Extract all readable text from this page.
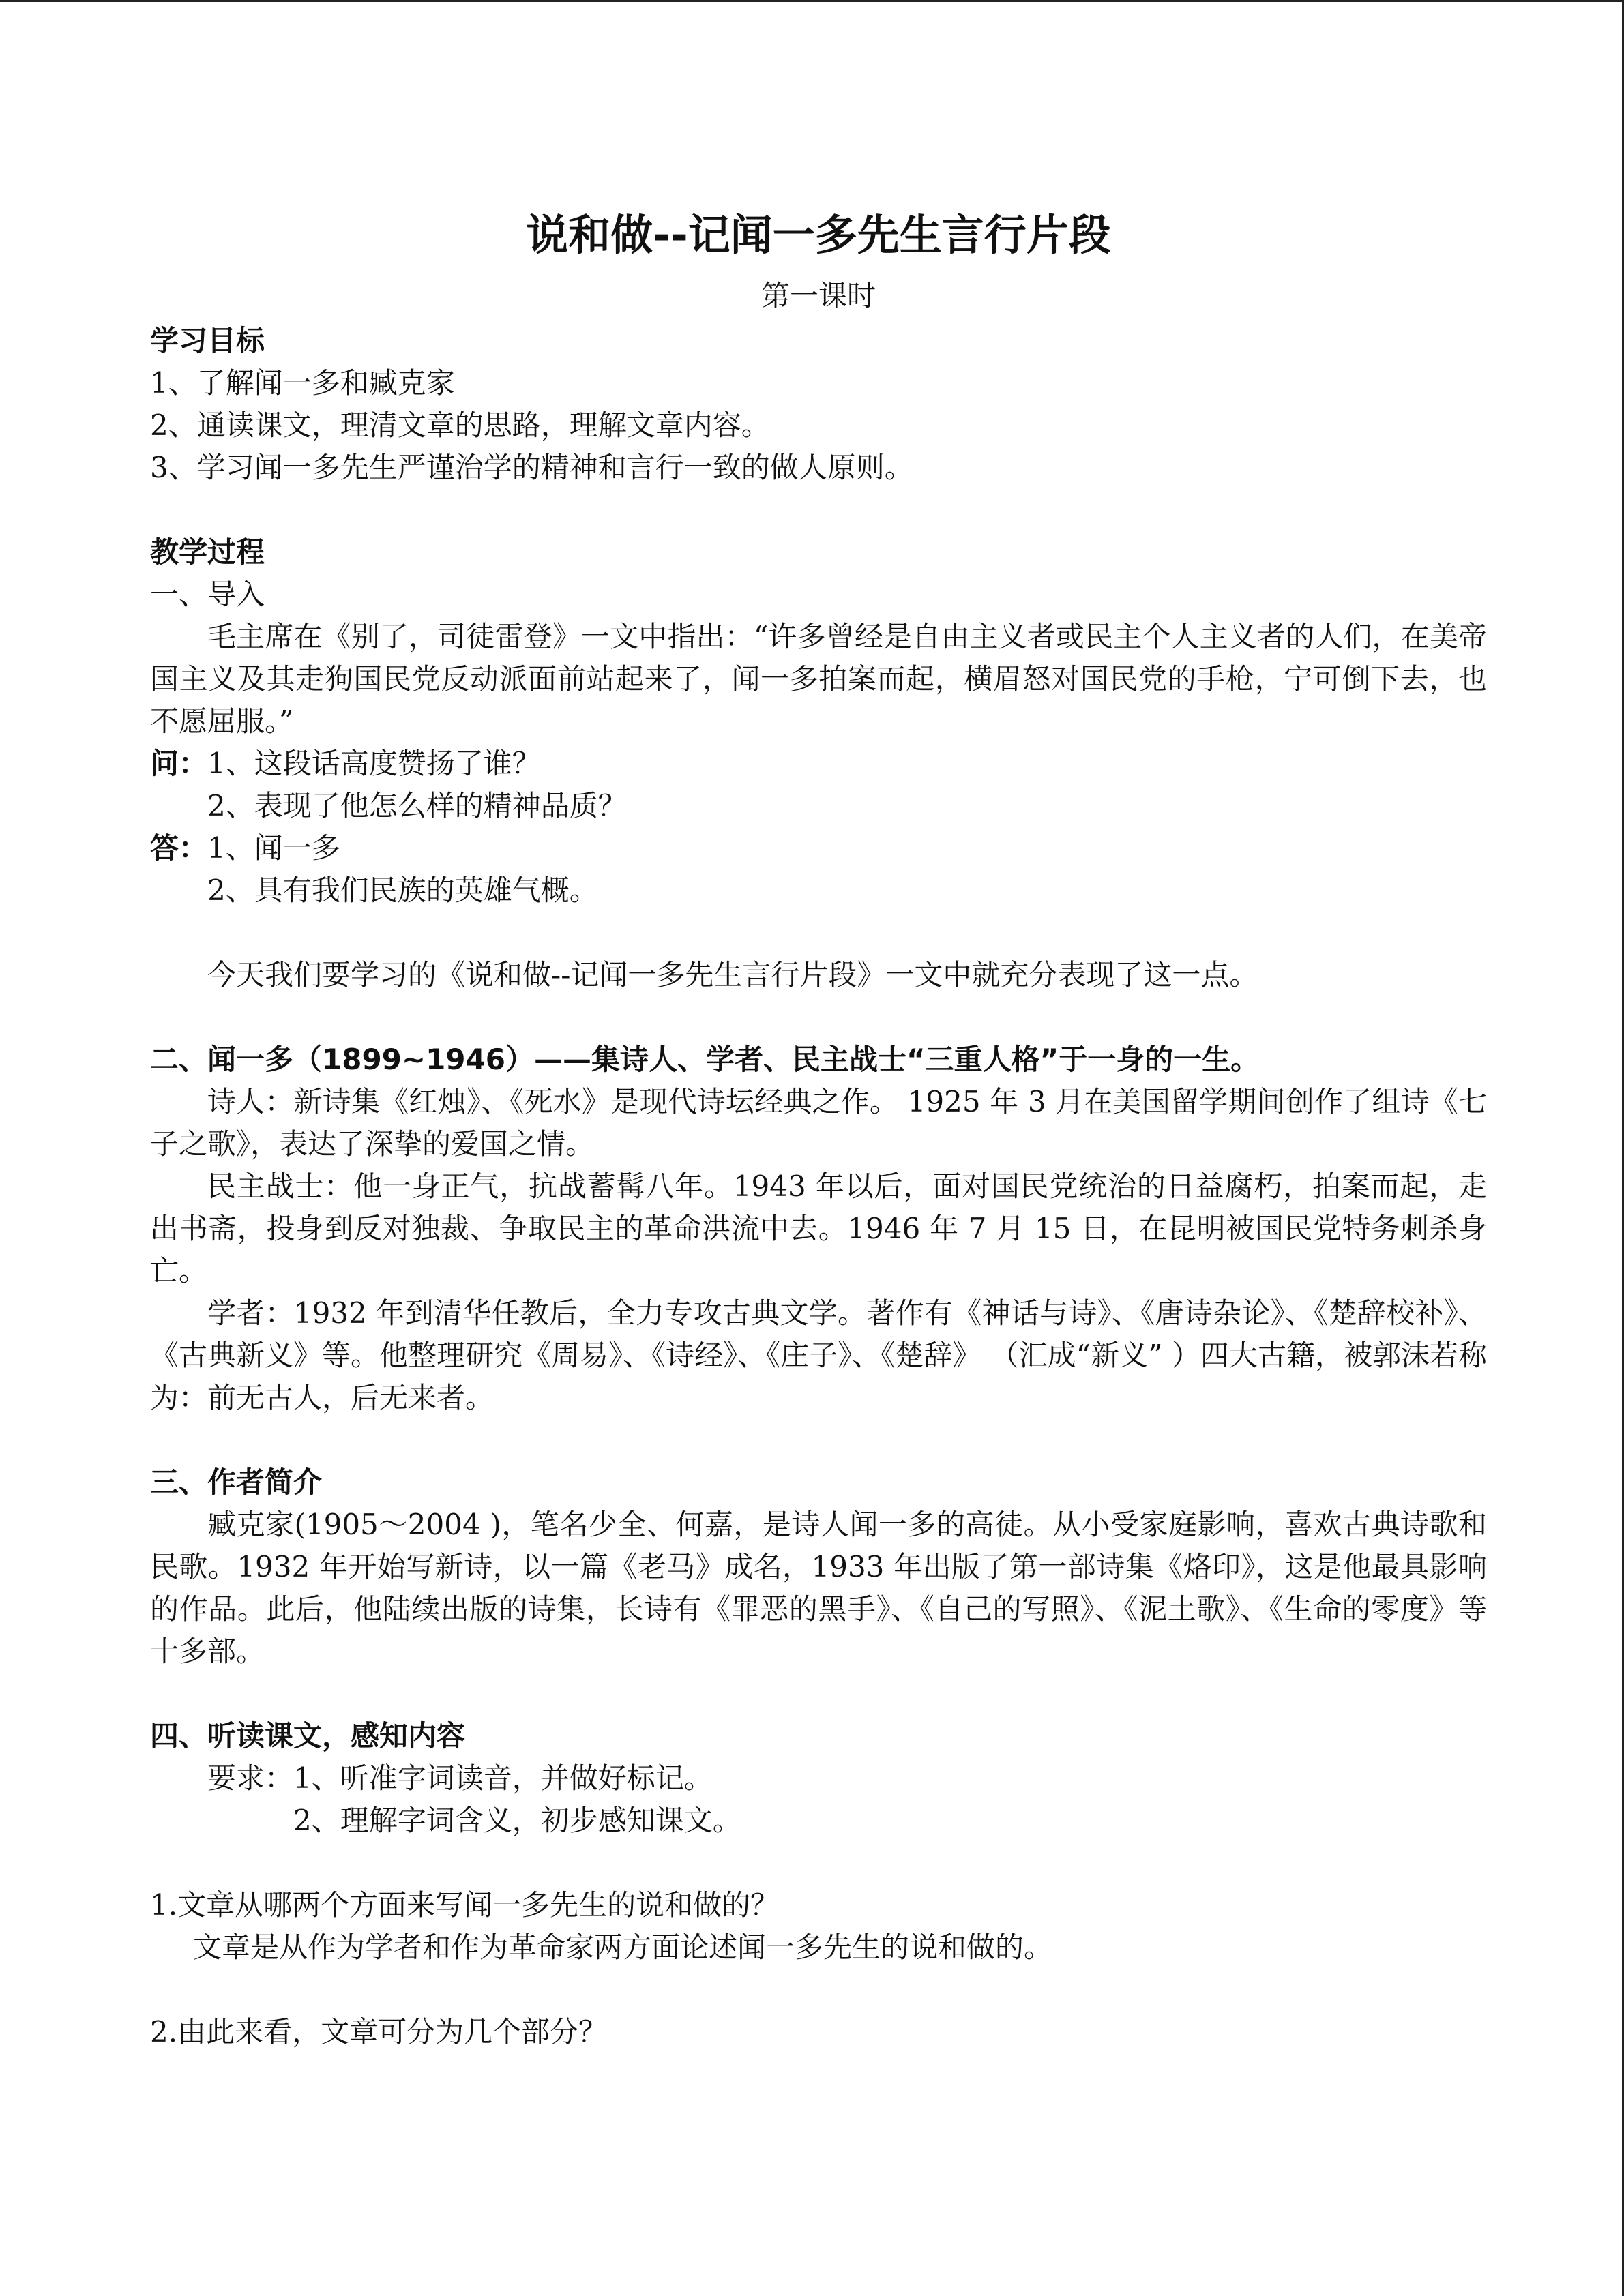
说和做--记闻一多先生言行片段

第一课时

学习目标

1、了解闻一多和臧克家

2、通读课文，理清文章的思路，理解文章内容。

3、学习闻一多先生严谨治学的精神和言行一致的做人原则。

教学过程

一、导入

毛主席在《别了，司徒雷登》一文中指出：“许多曾经是自由主义者或民主个人主义者的人们，在美帝国主义及其走狗国民党反动派面前站起来了，闻一多拍案而起，横眉怒对国民党的手枪，宁可倒下去，也不愿屈服。”

问：1、这段话高度赞扬了谁？

2、表现了他怎么样的精神品质？

答：1、闻一多

2、具有我们民族的英雄气概。

今天我们要学习的《说和做--记闻一多先生言行片段》一文中就充分表现了这一点。

二、闻一多（1899~1946）——集诗人、学者、民主战士“三重人格”于一身的一生。

诗人：新诗集《红烛》、《死水》是现代诗坛经典之作。 1925 年 3 月在美国留学期间创作了组诗《七子之歌》，表达了深挚的爱国之情。

民主战士：他一身正气，抗战蓄髯八年。1943 年以后，面对国民党统治的日益腐朽，拍案而起，走出书斋，投身到反对独裁、争取民主的革命洪流中去。1946 年 7 月 15 日，在昆明被国民党特务刺杀身亡。

学者：1932 年到清华任教后，全力专攻古典文学。著作有《神话与诗》、《唐诗杂论》、《楚辞校补》、《古典新义》等。他整理研究《周易》、《诗经》、《庄子》、《楚辞》 （汇成“新义” ）四大古籍，被郭沫若称为：前无古人，后无来者。

三、作者简介

臧克家(1905～2004 )，笔名少全、何嘉，是诗人闻一多的高徒。从小受家庭影响，喜欢古典诗歌和民歌。1932 年开始写新诗，以一篇《老马》成名，1933 年出版了第一部诗集《烙印》，这是他最具影响的作品。此后，他陆续出版的诗集，长诗有《罪恶的黑手》、《自己的写照》、《泥土歌》、《生命的零度》等十多部。

四、听读课文，感知内容

要求：1、听准字词读音，并做好标记。

2、理解字词含义，初步感知课文。

1.文章从哪两个方面来写闻一多先生的说和做的？

文章是从作为学者和作为革命家两方面论述闻一多先生的说和做的。

2.由此来看，文章可分为几个部分？
